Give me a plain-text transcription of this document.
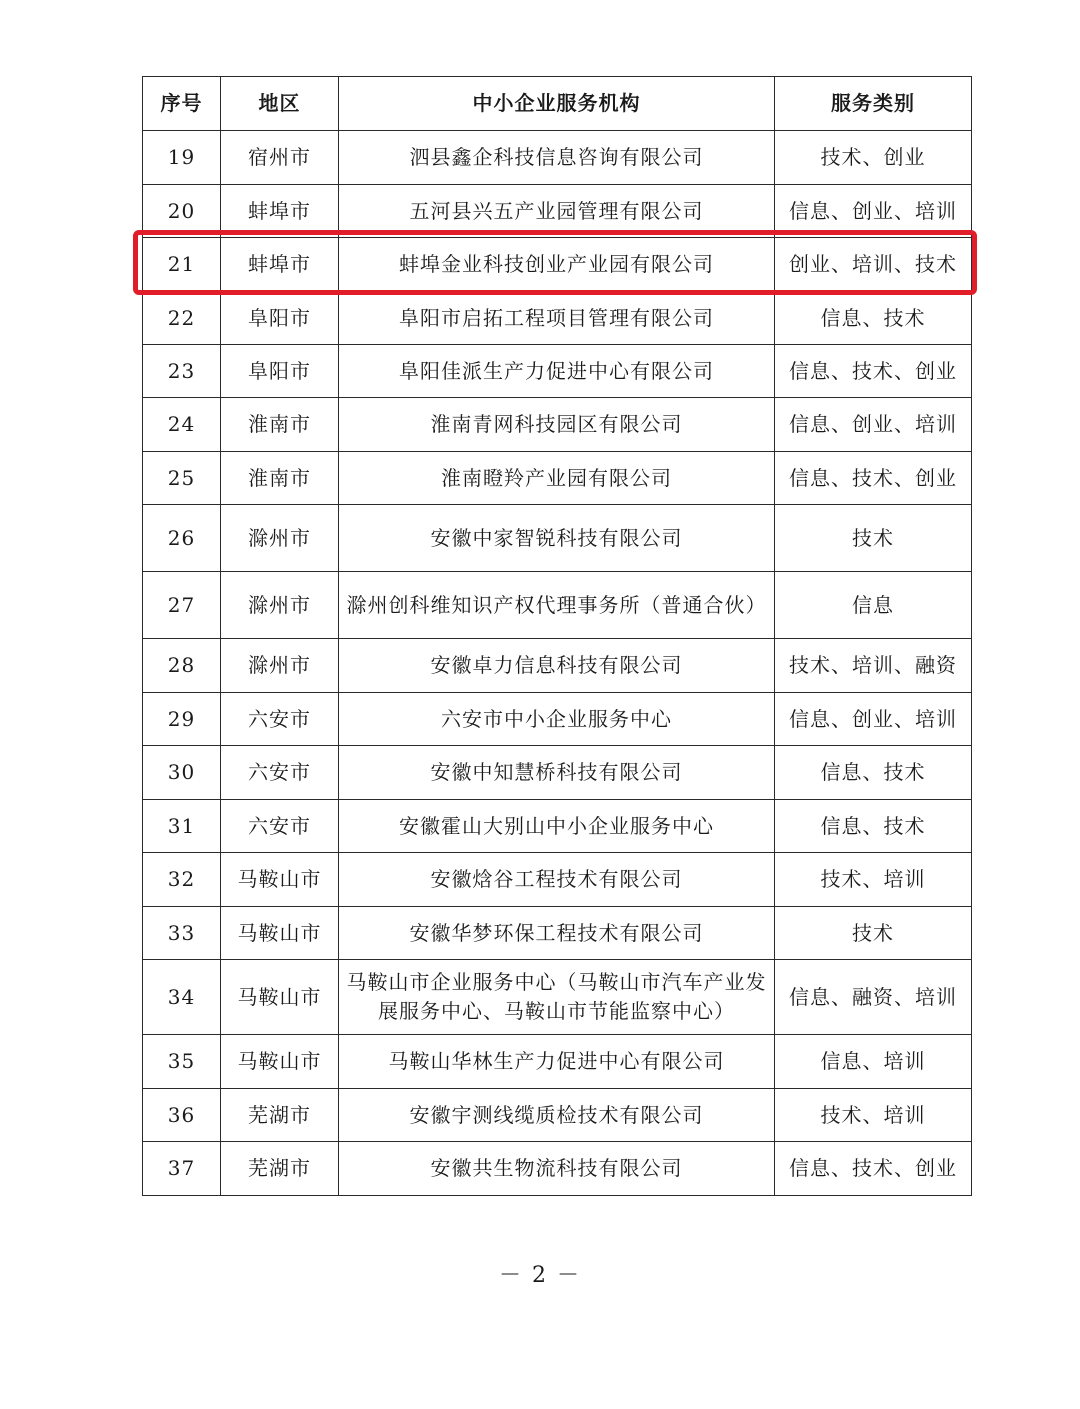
序号	地区	中小企业服务机构	服务类别
19	宿州市	泗县鑫企科技信息咨询有限公司	技术、创业
20	蚌埠市	五河县兴五产业园管理有限公司	信息、创业、培训
21	蚌埠市	蚌埠金业科技创业产业园有限公司	创业、培训、技术
22	阜阳市	阜阳市启拓工程项目管理有限公司	信息、技术
23	阜阳市	阜阳佳派生产力促进中心有限公司	信息、技术、创业
24	淮南市	淮南青网科技园区有限公司	信息、创业、培训
25	淮南市	淮南瞪羚产业园有限公司	信息、技术、创业
26	滁州市	安徽中家智锐科技有限公司	技术
27	滁州市	滁州创科维知识产权代理事务所（普通合伙）	信息
28	滁州市	安徽卓力信息科技有限公司	技术、培训、融资
29	六安市	六安市中小企业服务中心	信息、创业、培训
30	六安市	安徽中知慧桥科技有限公司	信息、技术
31	六安市	安徽霍山大别山中小企业服务中心	信息、技术
32	马鞍山市	安徽焓谷工程技术有限公司	技术、培训
33	马鞍山市	安徽华梦环保工程技术有限公司	技术
34	马鞍山市	马鞍山市企业服务中心（马鞍山市汽车产业发展服务中心、马鞍山市节能监察中心）	信息、融资、培训
35	马鞍山市	马鞍山华林生产力促进中心有限公司	信息、培训
36	芜湖市	安徽宇测线缆质检技术有限公司	技术、培训
37	芜湖市	安徽共生物流科技有限公司	信息、技术、创业
－ 2 －
